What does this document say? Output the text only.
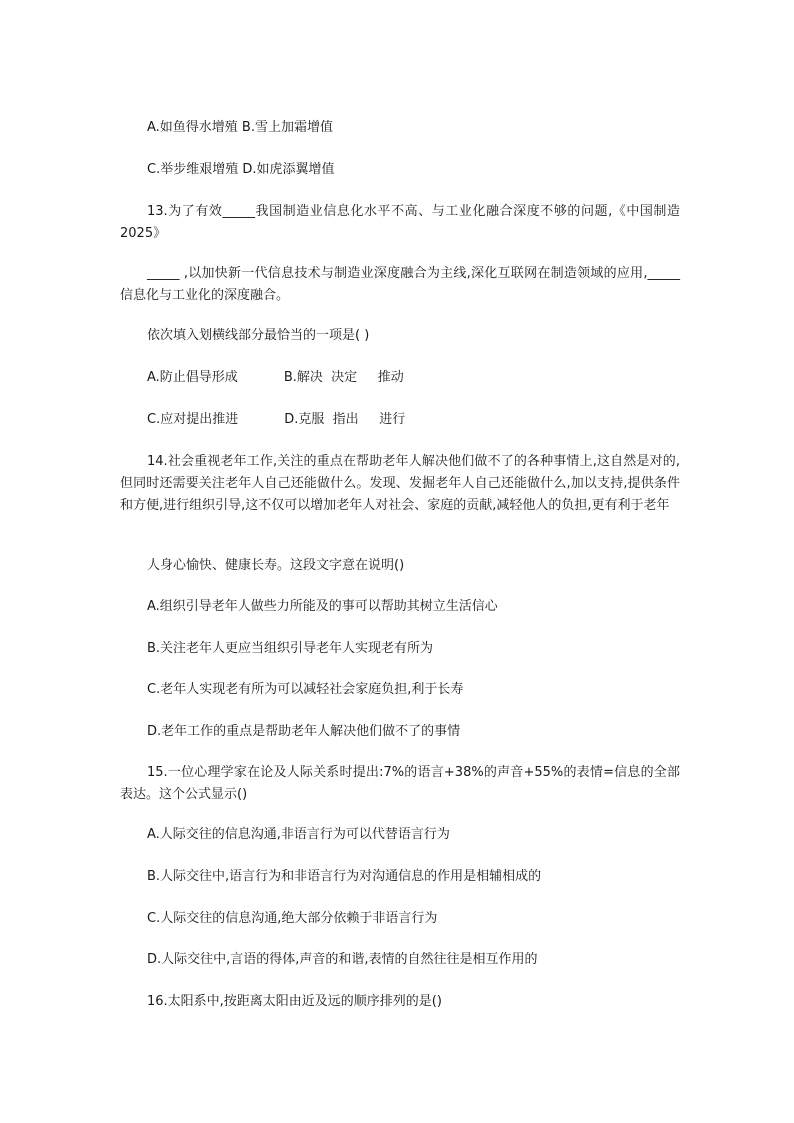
A.如鱼得水增殖 B.雪上加霜增值
C.举步维艰增殖 D.如虎添翼增值
13.为了有效_____我国制造业信息化水平不高、与工业化融合深度不够的问题,《中国制造 2025》
_____ ,以加快新一代信息技术与制造业深度融合为主线,深化互联网在制造领域的应用,_____ 信息化与工业化的深度融合。
依次填入划横线部分最恰当的一项是( )
A.防止倡导形成	B.解决  决定     推动
C.应对提出推进	D.克服  指出     进行
14.社会重视老年工作,关注的重点在帮助老年人解决他们做不了的各种事情上,这自然是对的,但同时还需要关注老年人自己还能做什么。发现、发掘老年人自己还能做什么,加以支持,提供条件和方便,进行组织引导,这不仅可以增加老年人对社会、家庭的贡献,减轻他人的负担,更有利于老年
人身心愉快、健康长寿。这段文字意在说明()
A.组织引导老年人做些力所能及的事可以帮助其树立生活信心
B.关注老年人更应当组织引导老年人实现老有所为
C.老年人实现老有所为可以减轻社会家庭负担,利于长寿
D.老年工作的重点是帮助老年人解决他们做不了的事情
15.一位心理学家在论及人际关系时提出:7%的语言+38%的声音+55%的表情=信息的全部表达。这个公式显示()
A.人际交往的信息沟通,非语言行为可以代替语言行为
B.人际交往中,语言行为和非语言行为对沟通信息的作用是相辅相成的
C.人际交往的信息沟通,绝大部分依赖于非语言行为
D.人际交往中,言语的得体,声音的和谐,表情的自然往往是相互作用的
16.太阳系中,按距离太阳由近及远的顺序排列的是()
